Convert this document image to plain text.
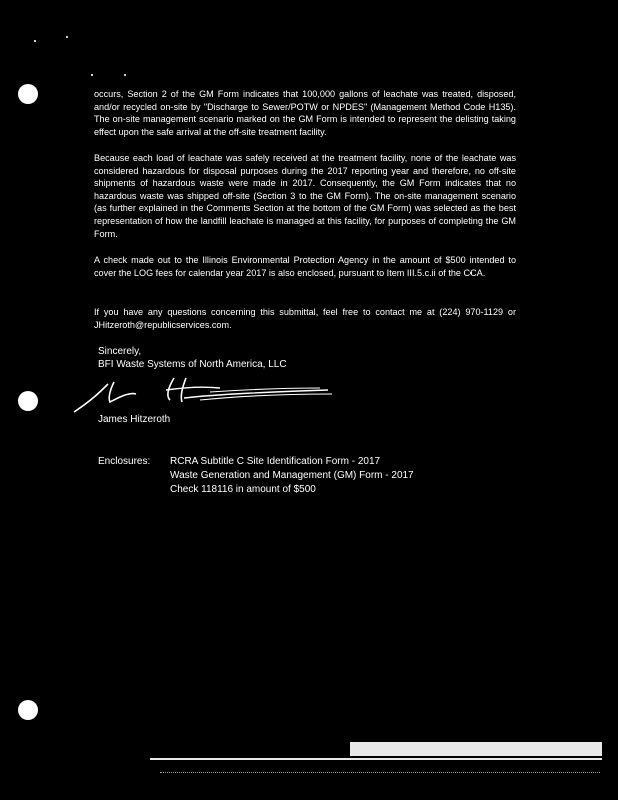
occurs, Section 2 of the GM Form indicates that 100,000 gallons of leachate was treated, disposed, and/or recycled on-site by "Discharge to Sewer/POTW or NPDES" (Management Method Code H135). The on-site management scenario marked on the GM Form is intended to represent the delisting taking effect upon the safe arrival at the off-site treatment facility.

Because each load of leachate was safely received at the treatment facility, none of the leachate was considered hazardous for disposal purposes during the 2017 reporting year and therefore, no off-site shipments of hazardous waste were made in 2017. Consequently, the GM Form indicates that no hazardous waste was shipped off-site (Section 3 to the GM Form). The on-site management scenario (as further explained in the Comments Section at the bottom of the GM Form) was selected as the best representation of how the landfill leachate is managed at this facility, for purposes of completing the GM Form.

A check made out to the Illinois Environmental Protection Agency in the amount of $500 intended to cover the LOG fees for calendar year 2017 is also enclosed, pursuant to Item III.5.c.ii of the CCA.

If you have any questions concerning this submittal, feel free to contact me at (224) 970-1129 or JHitzeroth@republicservices.com.

Sincerely,

BFI Waste Systems of North America, LLC

James Hitzeroth

Enclosures: RCRA Subtitle C Site Identification Form - 2017
Waste Generation and Management (GM) Form - 2017
Check 118116 in amount of $500
